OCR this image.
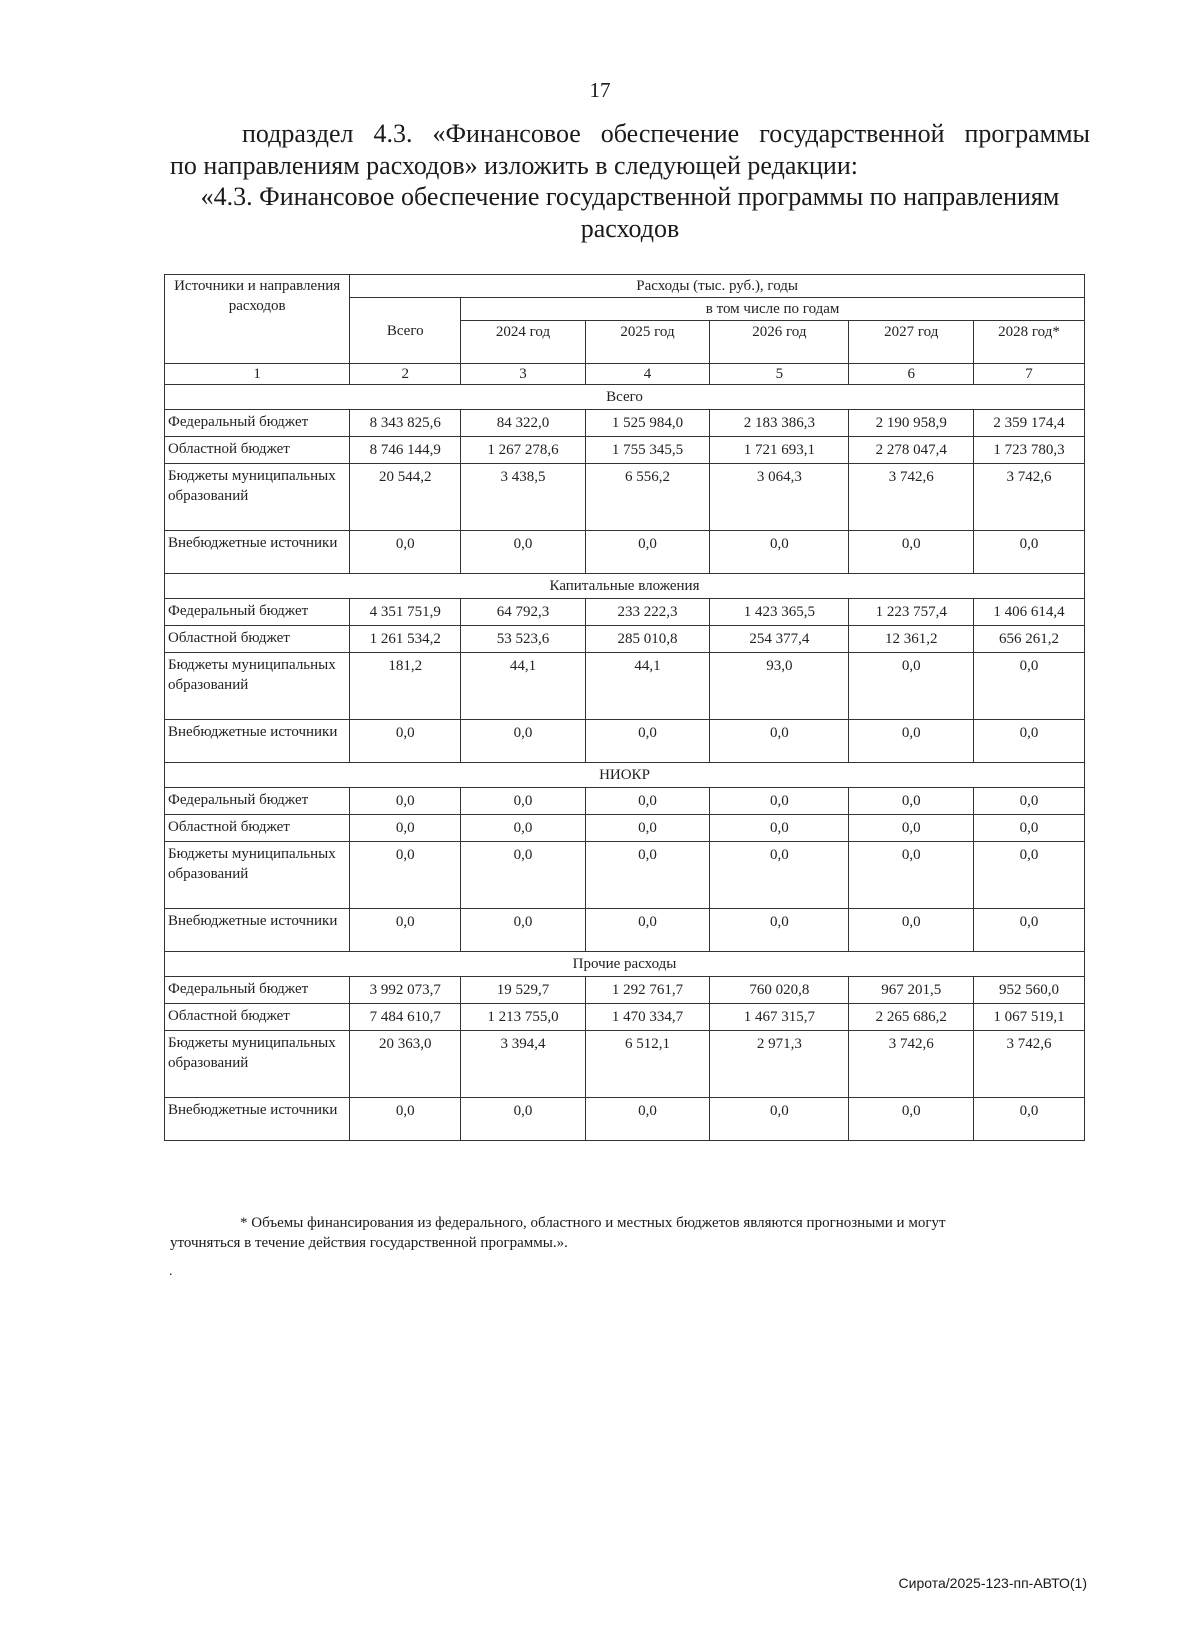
17
подраздел 4.3. «Финансовое обеспечение государственной программы
по направлениям расходов» изложить в следующей редакции:
«4.3. Финансовое обеспечение государственной программы по направлениям
расходов
Источники и направления расходов	Расходы (тыс. руб.), годы					
	Всего	в том числе по годам				
		2024 год	2025 год	2026 год	2027 год	2028 год*
1	2	3	4	5	6	7
Всего						
Федеральный бюджет	8 343 825,6	84 322,0	1 525 984,0	2 183 386,3	2 190 958,9	2 359 174,4
Областной бюджет	8 746 144,9	1 267 278,6	1 755 345,5	1 721 693,1	2 278 047,4	1 723 780,3
Бюджеты муниципальных образований	20 544,2	3 438,5	6 556,2	3 064,3	3 742,6	3 742,6
Внебюджетные источники	0,0	0,0	0,0	0,0	0,0	0,0
Капитальные вложения						
Федеральный бюджет	4 351 751,9	64 792,3	233 222,3	1 423 365,5	1 223 757,4	1 406 614,4
Областной бюджет	1 261 534,2	53 523,6	285 010,8	254 377,4	12 361,2	656 261,2
Бюджеты муниципальных образований	181,2	44,1	44,1	93,0	0,0	0,0
Внебюджетные источники	0,0	0,0	0,0	0,0	0,0	0,0
НИОКР						
Федеральный бюджет	0,0	0,0	0,0	0,0	0,0	0,0
Областной бюджет	0,0	0,0	0,0	0,0	0,0	0,0
Бюджеты муниципальных образований	0,0	0,0	0,0	0,0	0,0	0,0
Внебюджетные источники	0,0	0,0	0,0	0,0	0,0	0,0
Прочие расходы						
Федеральный бюджет	3 992 073,7	19 529,7	1 292 761,7	760 020,8	967 201,5	952 560,0
Областной бюджет	7 484 610,7	1 213 755,0	1 470 334,7	1 467 315,7	2 265 686,2	1 067 519,1
Бюджеты муниципальных образований	20 363,0	3 394,4	6 512,1	2 971,3	3 742,6	3 742,6
Внебюджетные источники	0,0	0,0	0,0	0,0	0,0	0,0
* Объемы финансирования из федерального, областного и местных бюджетов являются прогнозными и могут
уточняться в течение действия государственной программы.».
.
Сирота/2025-123-пп-АВТО(1)
